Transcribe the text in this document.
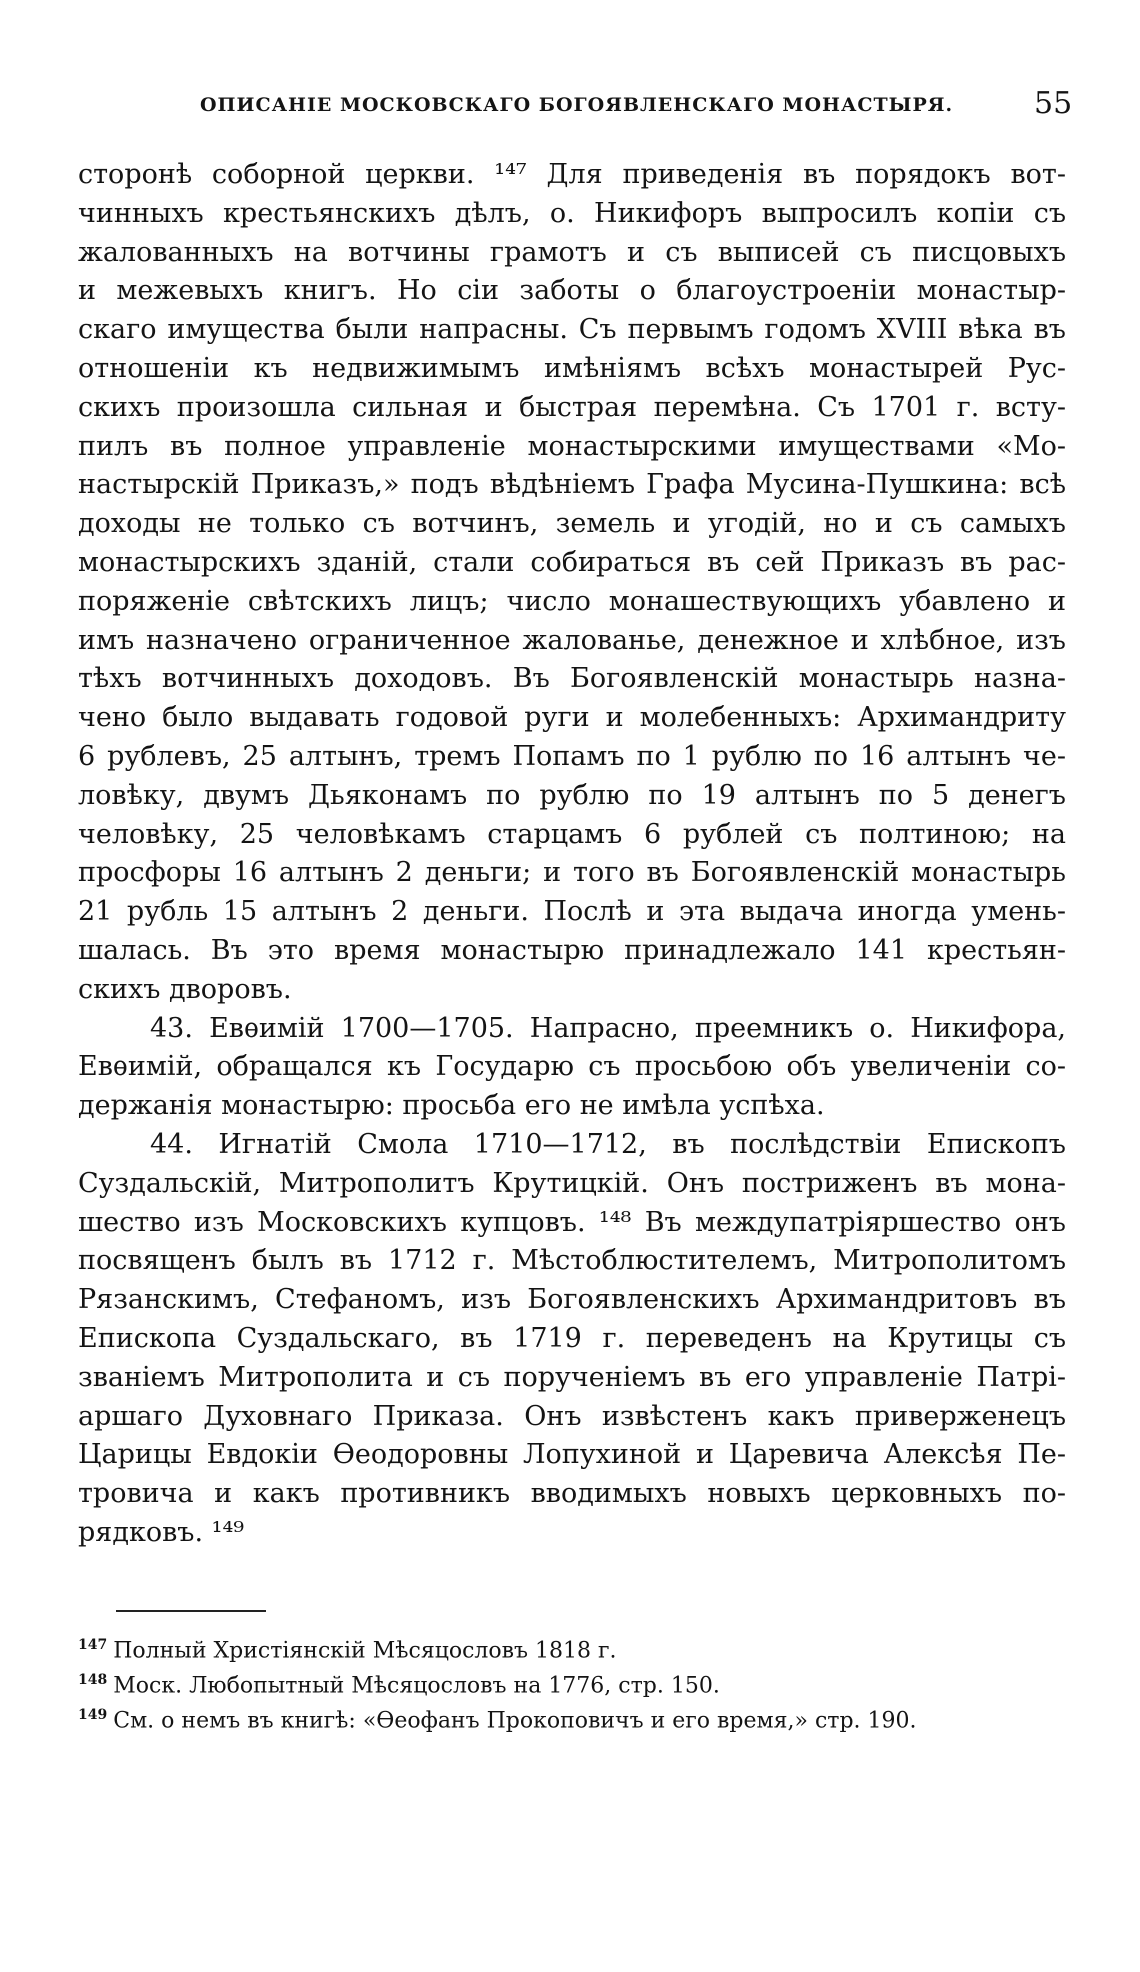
ОПИСАНІЕ МОСКОВСКАГО БОГОЯВЛЕНСКАГО МОНАСТЫРЯ.	55
сторонѣ соборной церкви. ¹⁴⁷ Для приведенія въ порядокъ вот-
чинныхъ крестьянскихъ дѣлъ, о. Никифоръ выпросилъ копіи съ
жалованныхъ на вотчины грамотъ и съ выписей съ писцовыхъ
и межевыхъ книгъ. Но сіи заботы о благоустроеніи монастыр-
скаго имущества были напрасны. Съ первымъ годомъ XVIII вѣка въ
отношеніи къ недвижимымъ имѣніямъ всѣхъ монастырей Рус-
скихъ произошла сильная и быстрая перемѣна. Съ 1701 г. всту-
пилъ въ полное управленіе монастырскими имуществами «Мо-
настырскій Приказъ,» подъ вѣдѣніемъ Графа Мусина-Пушкина: всѣ
доходы не только съ вотчинъ, земель и угодій, но и съ самыхъ
монастырскихъ зданій, стали собираться въ сей Приказъ въ рас-
поряженіе свѣтскихъ лицъ; число монашествующихъ убавлено и
имъ назначено ограниченное жалованье, денежное и хлѣбное, изъ
тѣхъ вотчинныхъ доходовъ. Въ Богоявленскій монастырь назна-
чено было выдавать годовой руги и молебенныхъ: Архимандриту
6 рублевъ, 25 алтынъ, тремъ Попамъ по 1 рублю по 16 алтынъ че-
ловѣку, двумъ Дьяконамъ по рублю по 19 алтынъ по 5 денегъ
человѣку, 25 человѣкамъ старцамъ 6 рублей съ полтиною; на
просфоры 16 алтынъ 2 деньги; и того въ Богоявленскій монастырь
21 рубль 15 алтынъ 2 деньги. Послѣ и эта выдача иногда умень-
шалась. Въ это время монастырю принадлежало 141 крестьян-
скихъ дворовъ.
43. Евѳимій 1700—1705. Напрасно, преемникъ о. Никифора,
Евѳимій, обращался къ Государю съ просьбою объ увеличеніи со-
держанія монастырю: просьба его не имѣла успѣха.
44. Игнатій Смола 1710—1712, въ послѣдствіи Епископъ
Суздальскій, Митрополитъ Крутицкій. Онъ постриженъ въ мона-
шество изъ Московскихъ купцовъ. ¹⁴⁸ Въ междупатріяршество онъ
посвященъ былъ въ 1712 г. Мѣстоблюстителемъ, Митрополитомъ
Рязанскимъ, Стефаномъ, изъ Богоявленскихъ Архимандритовъ въ
Епископа Суздальскаго, въ 1719 г. переведенъ на Крутицы съ
званіемъ Митрополита и съ порученіемъ въ его управленіе Патрі-
аршаго Духовнаго Приказа. Онъ извѣстенъ какъ приверженецъ
Царицы Евдокіи Ѳеодоровны Лопухиной и Царевича Алексѣя Пе-
тровича и какъ противникъ вводимыхъ новыхъ церковныхъ по-
рядковъ. ¹⁴⁹
$^{147}$ Полный Христіянскій Мѣсяцословъ 1818 г.
$^{148}$ Моск. Любопытный Мѣсяцословъ на 1776, стр. 150.
$^{149}$ См. о немъ въ книгѣ: «Ѳеофанъ Прокоповичъ и его время,» стр. 190.
